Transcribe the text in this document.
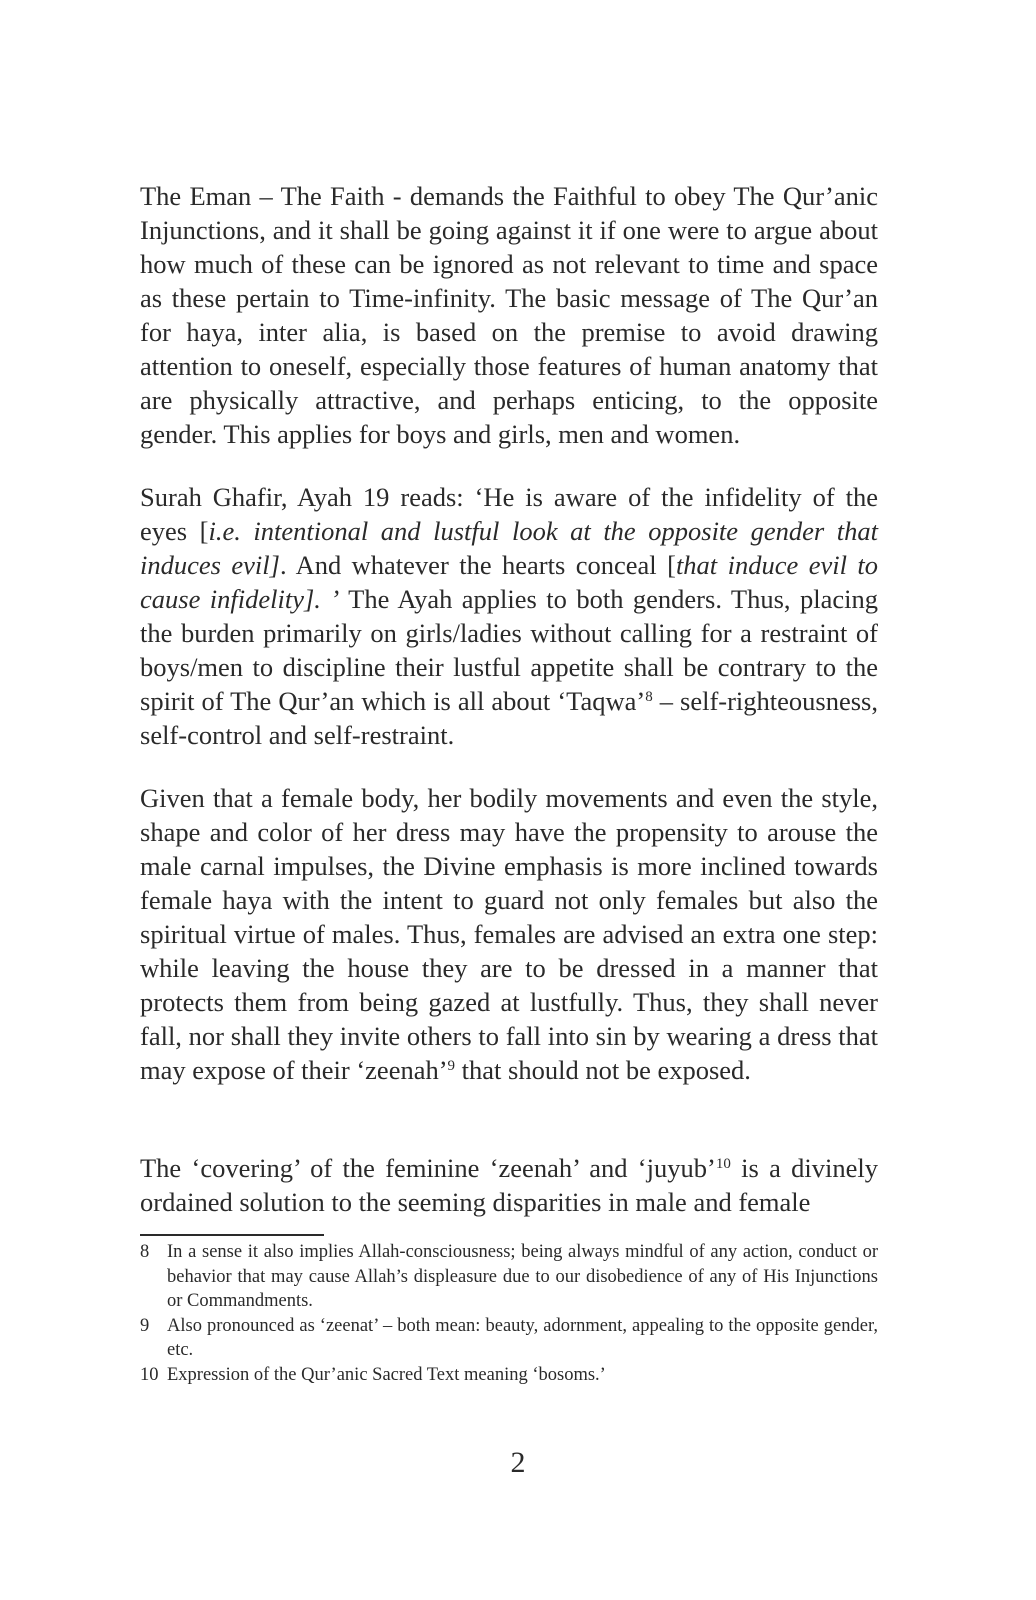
The Eman – The Faith - demands the Faithful to obey The Qur’anic Injunctions, and it shall be going against it if one were to argue about how much of these can be ignored as not relevant to time and space as these pertain to Time-infinity. The basic message of The Qur’an for haya, inter alia, is based on the premise to avoid drawing attention to oneself, especially those features of human anatomy that are physically attractive, and perhaps enticing, to the opposite gender. This applies for boys and girls, men and women.

Surah Ghafir, Ayah 19 reads: ‘He is aware of the infidelity of the eyes [i.e. intentional and lustful look at the opposite gender that induces evil]. And whatever the hearts conceal [that induce evil to cause infidelity]. ’ The Ayah applies to both genders. Thus, placing the burden primarily on girls/ladies without calling for a restraint of boys/men to discipline their lustful appetite shall be contrary to the spirit of The Qur’an which is all about ‘Taqwa’$^8$ – self-righteousness, self-control and self-restraint.

Given that a female body, her bodily movements and even the style, shape and color of her dress may have the propensity to arouse the male carnal impulses, the Divine emphasis is more inclined towards female haya with the intent to guard not only females but also the spiritual virtue of males. Thus, females are advised an extra one step: while leaving the house they are to be dressed in a manner that protects them from being gazed at lustfully. Thus, they shall never fall, nor shall they invite others to fall into sin by wearing a dress that may expose of their ‘zeenah’$^9$ that should not be exposed.

The ‘covering’ of the feminine ‘zeenah’ and ‘juyub’$^{10}$ is a divinely ordained solution to the seeming disparities in male and female

8 In a sense it also implies Allah-consciousness; being always mindful of any action, conduct or behavior that may cause Allah’s displeasure due to our disobedience of any of His Injunctions or Commandments.
9 Also pronounced as ‘zeenat’ – both mean: beauty, adornment, appealing to the opposite gender, etc.
10 Expression of the Qur’anic Sacred Text meaning ‘bosoms.’
2
